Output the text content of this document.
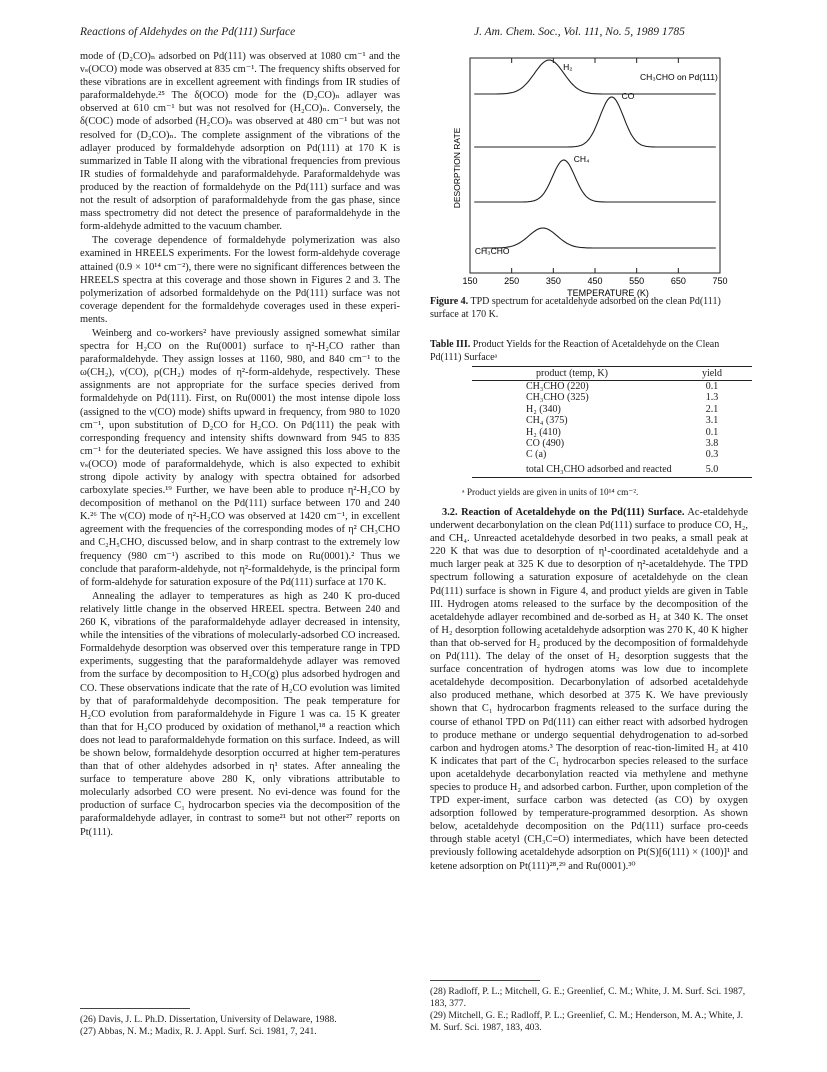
Reactions of Aldehydes on the Pd(111) Surface	J. Am. Chem. Soc., Vol. 111, No. 5, 1989 1785

mode of (D₂CO)ₙ adsorbed on Pd(111) was observed at 1080 cm⁻¹ and the νₛ(OCO) mode was observed at 835 cm⁻¹. The frequency shifts observed for these vibrations are in excellent agreement with findings from IR studies of paraformaldehyde.²⁵ The δ(OCO) mode for the (D₂CO)ₙ adlayer was observed at 610 cm⁻¹ but was not resolved for (H₂CO)ₙ. Conversely, the δ(COC) mode of adsorbed (H₂CO)ₙ was observed at 480 cm⁻¹ but was not resolved for (D₂CO)ₙ. The complete assignment of the vibrations of the adlayer produced by formaldehyde adsorption on Pd(111) at 170 K is summarized in Table II along with the vibrational frequencies from previous IR studies of formaldehyde and paraformaldehyde. Paraformaldehyde was produced by the reaction of formaldehyde on the Pd(111) surface and was not the result of adsorption of paraformaldehyde from the gas phase, since mass spectrometry did not detect the presence of paraformaldehyde in the form-aldehyde admitted to the vacuum chamber.

The coverage dependence of formaldehyde polymerization was also examined in HREELS experiments. For the lowest form-aldehyde coverage attained (0.9 × 10¹⁴ cm⁻²), there were no significant differences between the HREELS spectra at this coverage and those shown in Figures 2 and 3. The polymerization of adsorbed formaldehyde on the Pd(111) surface was not coverage dependent for the formaldehyde coverages used in these experi-ments.

Weinberg and co-workers² have previously assigned somewhat similar spectra for H₂CO on the Ru(0001) surface to η²-H₂CO rather than paraformaldehyde. They assign losses at 1160, 980, and 840 cm⁻¹ to the ω(CH₂), ν(CO), ρ(CH₂) modes of η²-form-aldehyde, respectively. These assignments are not appropriate for the surface species derived from formaldehyde on Pd(111). First, on Ru(0001) the most intense dipole loss (assigned to the ν(CO) mode) shifts upward in frequency, from 980 to 1020 cm⁻¹, upon substitution of D₂CO for H₂CO. On Pd(111) the peak with corresponding frequency and intensity shifts downward from 945 to 835 cm⁻¹ for the deuteriated species. We have assigned this loss above to the νₛ(OCO) mode of paraformaldehyde, which is also expected to exhibit strong dipole activity by analogy with spectra obtained for adsorbed carboxylate species.¹⁹ Further, we have been able to produce η²-H₂CO by decomposition of methanol on the Pd(111) surface between 170 and 240 K.²⁶ The ν(CO) mode of η²-H₂CO was observed at 1420 cm⁻¹, in excellent agreement with the frequencies of the corresponding modes of η² CH₃CHO and C₂H₅CHO, discussed below, and in sharp contrast to the extremely low frequency (980 cm⁻¹) ascribed to this mode on Ru(0001).² Thus we conclude that paraform-aldehyde, not η²-formaldehyde, is the principal form of form-aldehyde for saturation exposure of the Pd(111) surface at 170 K.

Annealing the adlayer to temperatures as high as 240 K pro-duced relatively little change in the observed HREEL spectra. Between 240 and 260 K, vibrations of the paraformaldehyde adlayer decreased in intensity, while the intensities of the vibrations of molecularly-adsorbed CO increased. Formaldehyde desorption was observed over this temperature range in TPD experiments, suggesting that the paraformaldehyde adlayer was removed from the surface by decomposition to H₂CO(g) plus adsorbed hydrogen and CO. These observations indicate that the rate of H₂CO evolution was limited by that of paraformaldehyde decomposition. The peak temperature for H₂CO evolution from paraformaldehyde in Figure 1 was ca. 15 K greater than that for H₂CO produced by oxidation of methanol,¹⁸ a reaction which does not lead to paraformaldehyde formation on this surface. Indeed, as will be shown below, formaldehyde desorption occurred at higher tem-peratures than that of other aldehydes adsorbed in η¹ states. After annealing the surface to temperature above 280 K, only vibrations attributable to molecularly adsorbed CO were present. No evi-dence was found for the production of surface C₁ hydrocarbon species via the decomposition of the paraformaldehyde adlayer, in contrast to some²¹ but not other²⁷ reports on Pt(111).

(26) Davis, J. L. Ph.D. Dissertation, University of Delaware, 1988.
(27) Abbas, N. M.; Madix, R. J. Appl. Surf. Sci. 1981, 7, 241.
H₂
CO
CH₄
CH₃CHO
150	250	350	450	550	650	750
CH₃CHO on Pd(111)
TEMPERATURE (K)
DESORPTION RATE
Figure 4. TPD spectrum for acetaldehyde adsorbed on the clean Pd(111) surface at 170 K.
Table III. Product Yields for the Reaction of Acetaldehyde on the Clean Pd(111) Surfaceᵃ
product (temp, K)	yield
CH₃CHO (220)	0.1
CH₃CHO (325)	1.3
H₂ (340)	2.1
CH₄ (375)	3.1
H₂ (410)	0.1
CO (490)	3.8
C (a)	0.3
total CH₃CHO adsorbed and reacted	5.0
ᵃ Product yields are given in units of 10¹⁴ cm⁻².

3.2. Reaction of Acetaldehyde on the Pd(111) Surface. Ac-etaldehyde underwent decarbonylation on the clean Pd(111) surface to produce CO, H₂, and CH₄. Unreacted acetaldehyde desorbed in two peaks, a small peak at 220 K that was due to desorption of η¹-coordinated acetaldehyde and a much larger peak at 325 K due to desorption of η²-acetaldehyde. The TPD spectrum following a saturation exposure of acetaldehyde on the clean Pd(111) surface is shown in Figure 4, and product yields are given in Table III. Hydrogen atoms released to the surface by the decomposition of the acetaldehyde adlayer recombined and de-sorbed as H₂ at 340 K. The onset of H₂ desorption following acetaldehyde adsorption was 270 K, 40 K higher than that ob-served for H₂ produced by the decomposition of formaldehyde on Pd(111). The delay of the onset of H₂ desorption suggests that the surface concentration of hydrogen atoms was low due to incomplete acetaldehyde decomposition. Decarbonylation of adsorbed acetaldehyde also produced methane, which desorbed at 375 K. We have previously shown that C₁ hydrocarbon fragments released to the surface during the course of ethanol TPD on Pd(111) can either react with adsorbed hydrogen to produce methane or undergo sequential dehydrogenation to ad-sorbed carbon and hydrogen atoms.³ The desorption of reac-tion-limited H₂ at 410 K indicates that part of the C₁ hydrocarbon species released to the surface upon acetaldehyde decarbonylation reacted via methylene and methyne species to produce H₂ and adsorbed carbon. Further, upon completion of the TPD exper-iment, surface carbon was detected (as CO) by oxygen adsorption followed by temperature-programmed desorption. As shown below, acetaldehyde decomposition on the Pd(111) surface pro-ceeds through stable acetyl (CH₃C=O) intermediates, which have been detected previously following acetaldehyde adsorption on Pt(S)[6(111) × (100)]¹ and ketene adsorption on Pt(111)²⁸,²⁹ and Ru(0001).³⁰

(28) Radloff, P. L.; Mitchell, G. E.; Greenlief, C. M.; White, J. M. Surf. Sci. 1987, 183, 377.
(29) Mitchell, G. E.; Radloff, P. L.; Greenlief, C. M.; Henderson, M. A.; White, J. M. Surf. Sci. 1987, 183, 403.
